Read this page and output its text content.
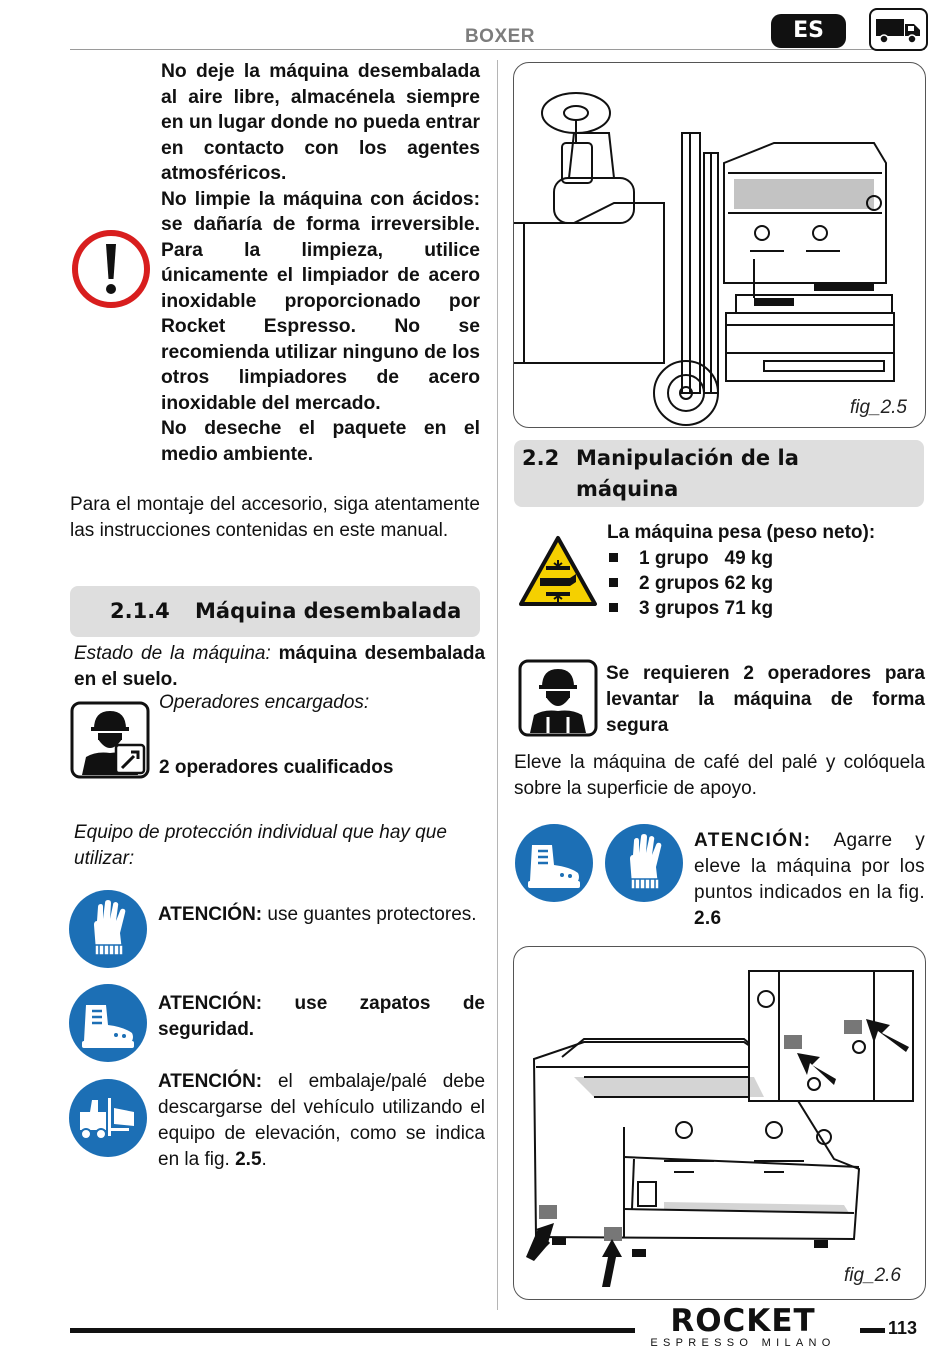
BOXER	ES

No deje la máquina desembalada al aire libre, almacénela siempre en un lugar donde no pueda entrar en contacto con los agentes atmosféricos.

No limpie la máquina con ácidos: se dañaría de forma irreversible. Para la limpieza, utilice únicamente el limpiador de acero inoxidable proporcionado por Rocket Espresso. No se recomienda utilizar ninguno de los otros limpiadores de acero inoxidable del mercado.

No deseche el paquete en el medio ambiente.

Para el montaje del accesorio, siga atentamente las instrucciones contenidas en este manual.
2.1.4 Máquina desembalada
Estado de la máquina: máquina desembalada en el suelo.
Operadores encargados:
2 operadores cualificados
Equipo de protección individual que hay que utilizar:
ATENCIÓN: use guantes protectores.
ATENCIÓN: use zapatos de seguridad.
ATENCIÓN: el embalaje/palé debe descargarse del vehículo utilizando el equipo de elevación, como se indica en la fig. 2.5.
fig_2.5
2.2 Manipulación de la
máquina
La máquina pesa (peso neto):
1 grupo   49 kg
2 grupos 62 kg
3 grupos 71 kg
Se requieren 2 operadores para levantar la máquina de forma segura
Eleve la máquina de café del palé y colóquela sobre la superficie de apoyo.
ATENCIÓN: Agarre y eleve la máquina por los puntos indicados en la fig. 2.6
fig_2.6
ROCKET
ESPRESSO MILANO
113
